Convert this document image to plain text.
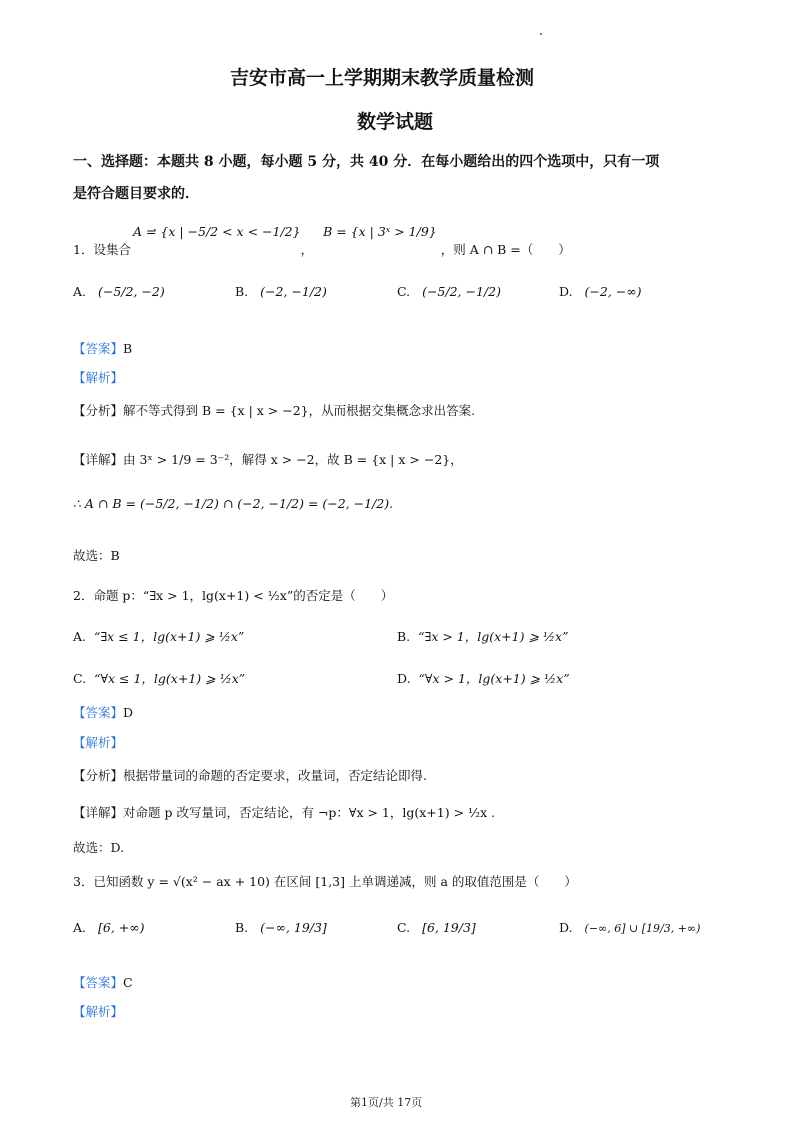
吉安市高一上学期期末教学质量检测
数学试题
一、选择题：本题共 8 小题，每小题 5 分，共 40 分．在每小题给出的四个选项中，只有一项
是符合题目要求的．
1．设集合 A = {x | −5/2 < x < −1/2}， B = {x | 3ˣ > 1/9} ，则 A ∩ B =（　　）
A. (−5/2, −2)	B. (−2, −1/2)	C. (−5/2, −1/2)	D. (−2, −∞)
【答案】B
【解析】
【分析】解不等式得到 B = {x | x > −2}，从而根据交集概念求出答案.
【详解】由 3ˣ > 1/9 = 3⁻²，解得 x > −2，故 B = {x | x > −2}，
∴ A ∩ B = (−5/2, −1/2) ∩ (−2, −1/2) = (−2, −1/2).
故选：B
2．命题 p：“∃x > 1，lg(x+1) < ½x”的否定是（　　）
A. “∃x ≤ 1，lg(x+1) ⩾ ½x”	B. “∃x > 1，lg(x+1) ⩾ ½x”
C. “∀x ≤ 1，lg(x+1) ⩾ ½x”	D. “∀x > 1，lg(x+1) ⩾ ½x”
【答案】D
【解析】
【分析】根据带量词的命题的否定要求，改量词，否定结论即得.
【详解】对命题 p 改写量词，否定结论，有 ¬p：∀x > 1，lg(x+1) > ½x .
故选：D.
3．已知函数 y = √(x² − ax + 10) 在区间 [1,3] 上单调递减，则 a 的取值范围是（　　）
A. [6, +∞)	B. (−∞, 19/3]	C. [6, 19/3]	D. (−∞, 6] ∪ [19/3, +∞)
【答案】C
【解析】
第1页/共 17页
